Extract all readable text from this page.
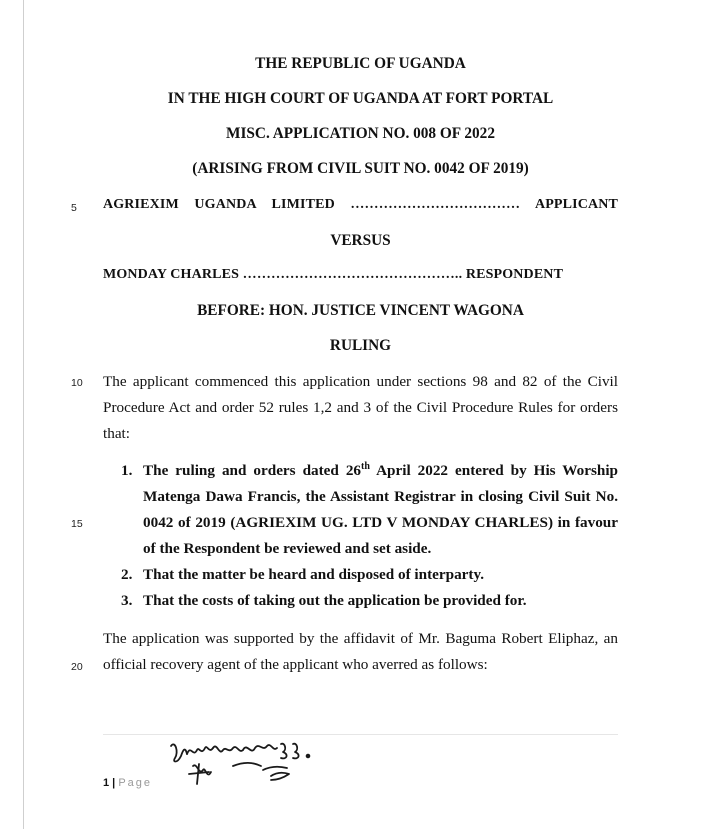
THE REPUBLIC OF UGANDA
IN THE HIGH COURT OF UGANDA AT FORT PORTAL
MISC. APPLICATION NO. 008 OF 2022
(ARISING FROM CIVIL SUIT NO. 0042 OF 2019)
5 AGRIEXIM UGANDA LIMITED ……………………………… APPLICANT
VERSUS
MONDAY CHARLES ……………………………………….. RESPONDENT
BEFORE: HON. JUSTICE VINCENT WAGONA
RULING
10 The applicant commenced this application under sections 98 and 82 of the Civil Procedure Act and order 52 rules 1,2 and 3 of the Civil Procedure Rules for orders that:
15
1. The ruling and orders dated 26th April 2022 entered by His Worship Matenga Dawa Francis, the Assistant Registrar in closing Civil Suit No. 0042 of 2019 (AGRIEXIM UG. LTD V MONDAY CHARLES) in favour of the Respondent be reviewed and set aside.
2. That the matter be heard and disposed of interparty.
3. That the costs of taking out the application be provided for.
20
The application was supported by the affidavit of Mr. Baguma Robert Eliphaz, an official recovery agent of the applicant who averred as follows:
1 | Page
